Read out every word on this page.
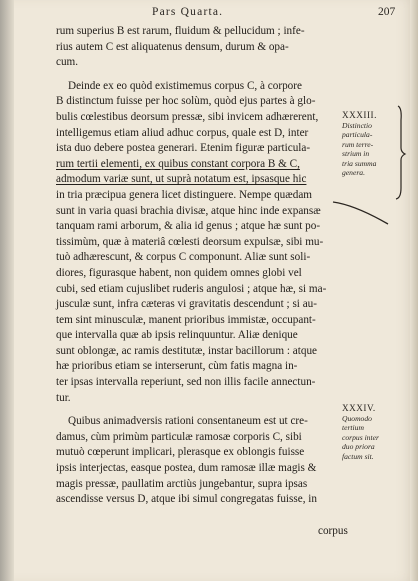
Pars Quarta.	207
rum superius B est rarum, fluidum & pellucidum ; infe-
rius autem C est aliquatenus densum, durum & opa-
cum.
Deinde ex eo quòd existimemus corpus C, à corpore
B distinctum fuisse per hoc solùm, quòd ejus partes à glo-
bulis cœlestibus deorsum pressæ, sibi invicem adhærerent,
intelligemus etiam aliud adhuc corpus, quale est D, inter
ista duo debere postea generari. Etenim figuræ particula-
rum tertii elementi, ex quibus constant corpora B & C,
admodum variæ sunt, ut suprà notatum est, ipsasque hic
in tria præcipua genera licet distinguere. Nempe quædam
sunt in varia quasi brachia divisæ, atque hinc inde expansæ
tanquam rami arborum, & alia id genus ; atque hæ sunt po-
tissimùm, quæ à materiâ cœlesti deorsum expulsæ, sibi mu-
tuò adhærescunt, & corpus C componunt. Aliæ sunt soli-
diores, figurasque habent, non quidem omnes globi vel
cubi, sed etiam cujuslibet ruderis angulosi ; atque hæ, si ma-
jusculæ sunt, infra cæteras vi gravitatis descendunt ; si au-
tem sint minusculæ, manent prioribus immistæ, occupant-
que intervalla quæ ab ipsis relinquuntur. Aliæ denique
sunt oblongæ, ac ramis destitutæ, instar bacillorum : atque
hæ prioribus etiam se interserunt, cùm fatis magna in-
ter ipsas intervalla reperiunt, sed non illis facile annectun-
tur.
Quibus animadversis rationi consentaneum est ut cre-
damus, cùm primùm particulæ ramosæ corporis C, sibi
mutuò cœperunt implicari, plerasque ex oblongis fuisse
ipsis interjectas, easque postea, dum ramosæ illæ magis &
magis pressæ, paullatim arctiùs jungebantur, supra ipsas
ascendisse versus D, atque ibi simul congregatas fuisse, in
XXXIII.
Distinctio
particula-
rum terre-
strium in
tria summa
genera.
XXXIV.
Quomodo
tertium
corpus inter
duo priora
factum sit.
corpus
